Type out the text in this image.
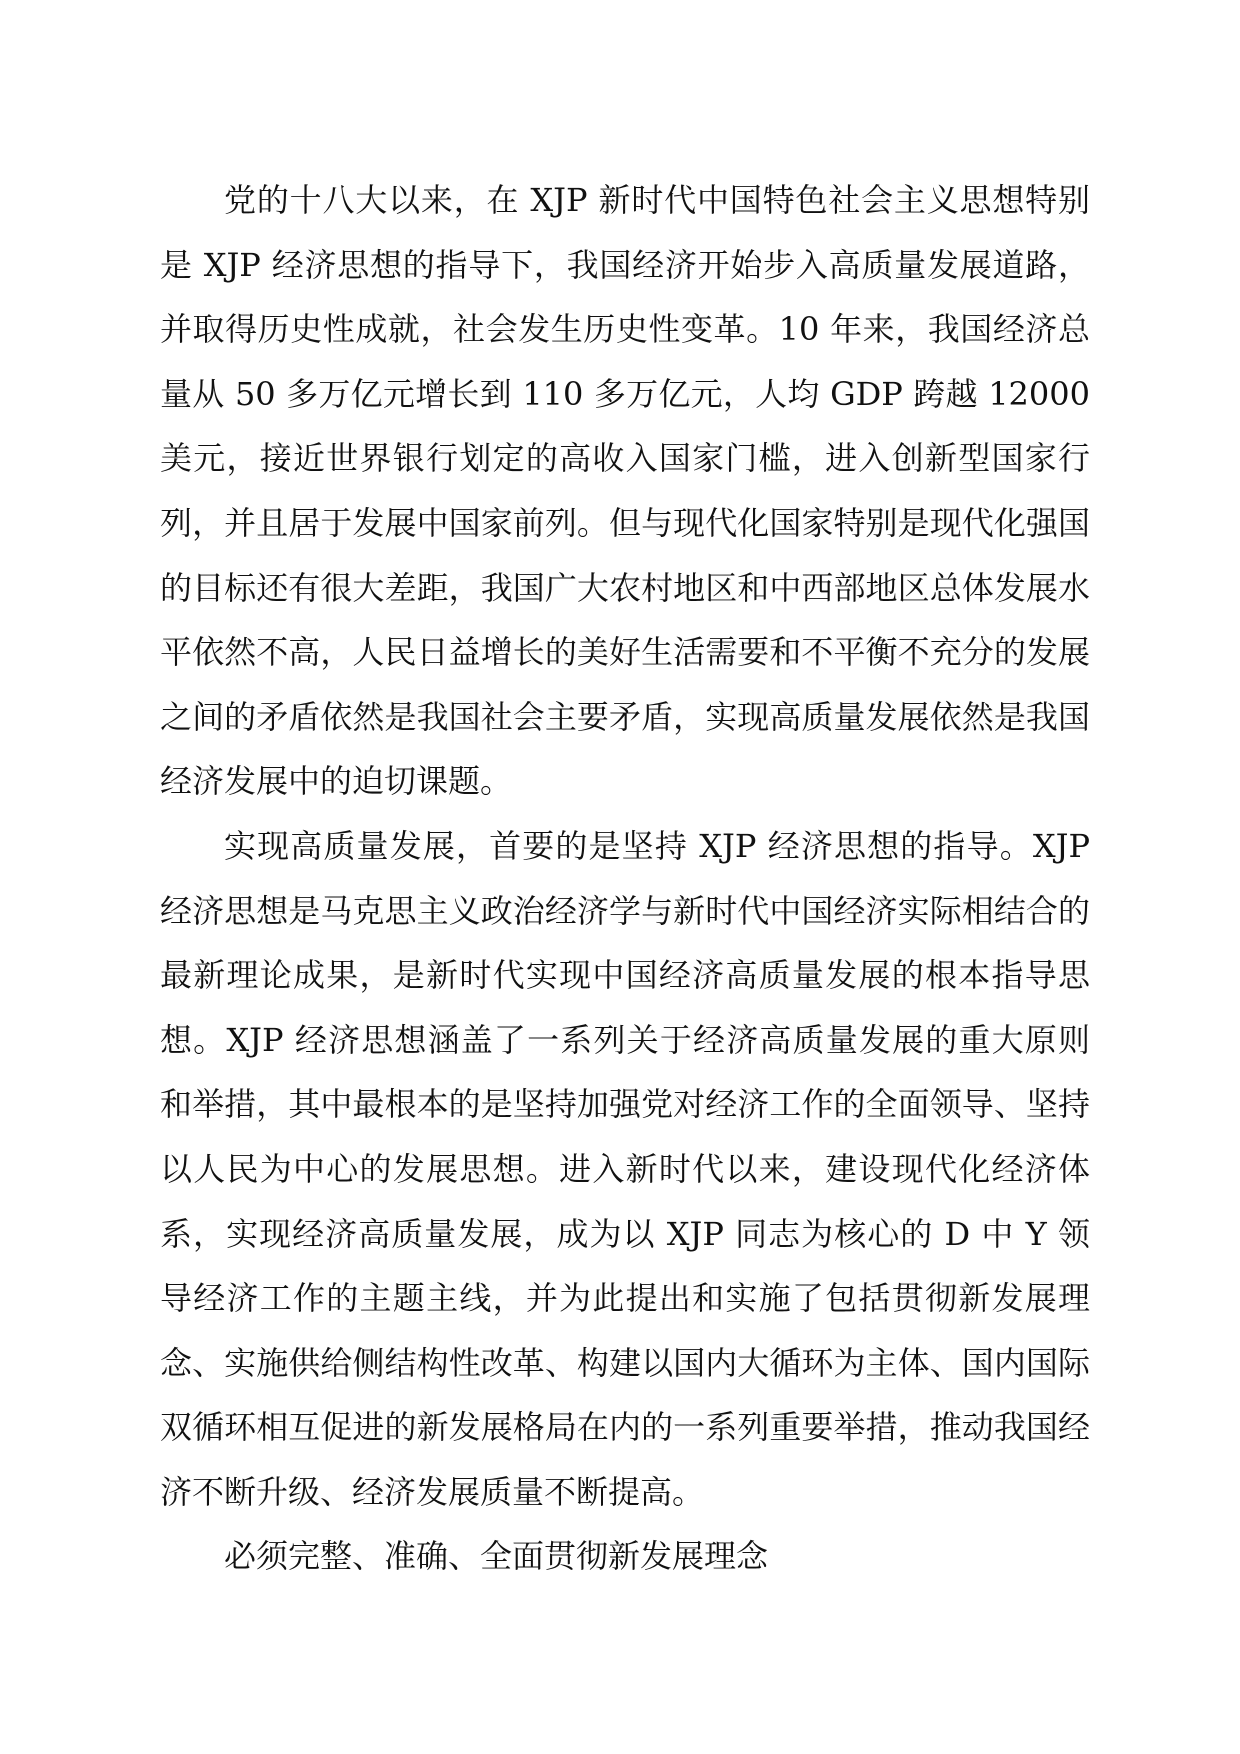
党的十八大以来，在 XJP 新时代中国特色社会主义思想特别是 XJP 经济思想的指导下，我国经济开始步入高质量发展道路，并取得历史性成就，社会发生历史性变革。10 年来，我国经济总量从 50 多万亿元增长到 110 多万亿元，人均 GDP 跨越 12000 美元，接近世界银行划定的高收入国家门槛，进入创新型国家行列，并且居于发展中国家前列。但与现代化国家特别是现代化强国的目标还有很大差距，我国广大农村地区和中西部地区总体发展水平依然不高，人民日益增长的美好生活需要和不平衡不充分的发展之间的矛盾依然是我国社会主要矛盾，实现高质量发展依然是我国经济发展中的迫切课题。

实现高质量发展，首要的是坚持 XJP 经济思想的指导。XJP 经济思想是马克思主义政治经济学与新时代中国经济实际相结合的最新理论成果，是新时代实现中国经济高质量发展的根本指导思想。XJP 经济思想涵盖了一系列关于经济高质量发展的重大原则和举措，其中最根本的是坚持加强党对经济工作的全面领导、坚持以人民为中心的发展思想。进入新时代以来，建设现代化经济体系，实现经济高质量发展，成为以 XJP 同志为核心的 D 中 Y 领导经济工作的主题主线，并为此提出和实施了包括贯彻新发展理念、实施供给侧结构性改革、构建以国内大循环为主体、国内国际双循环相互促进的新发展格局在内的一系列重要举措，推动我国经济不断升级、经济发展质量不断提高。

必须完整、准确、全面贯彻新发展理念
